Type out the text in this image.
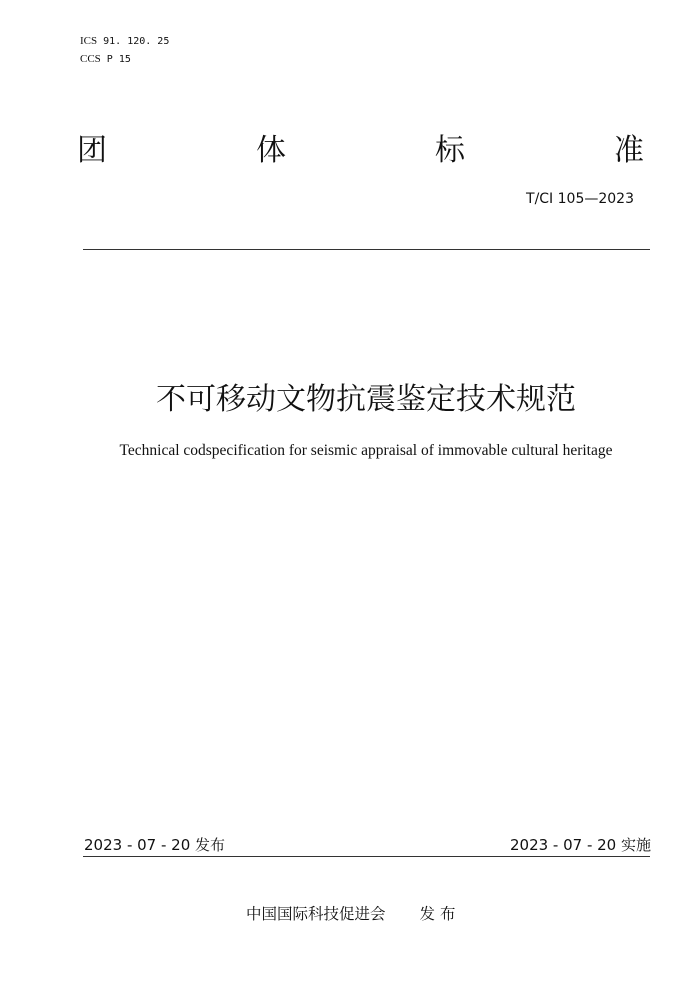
ICS 91. 120. 25
CCS P 15
团	体	标	准
T/CI 105—2023
不可移动文物抗震鉴定技术规范
Technical codspecification for seismic appraisal of immovable cultural heritage
2023 - 07 - 20 发布	2023 - 07 - 20 实施
中国国际科技促进会 发 布
